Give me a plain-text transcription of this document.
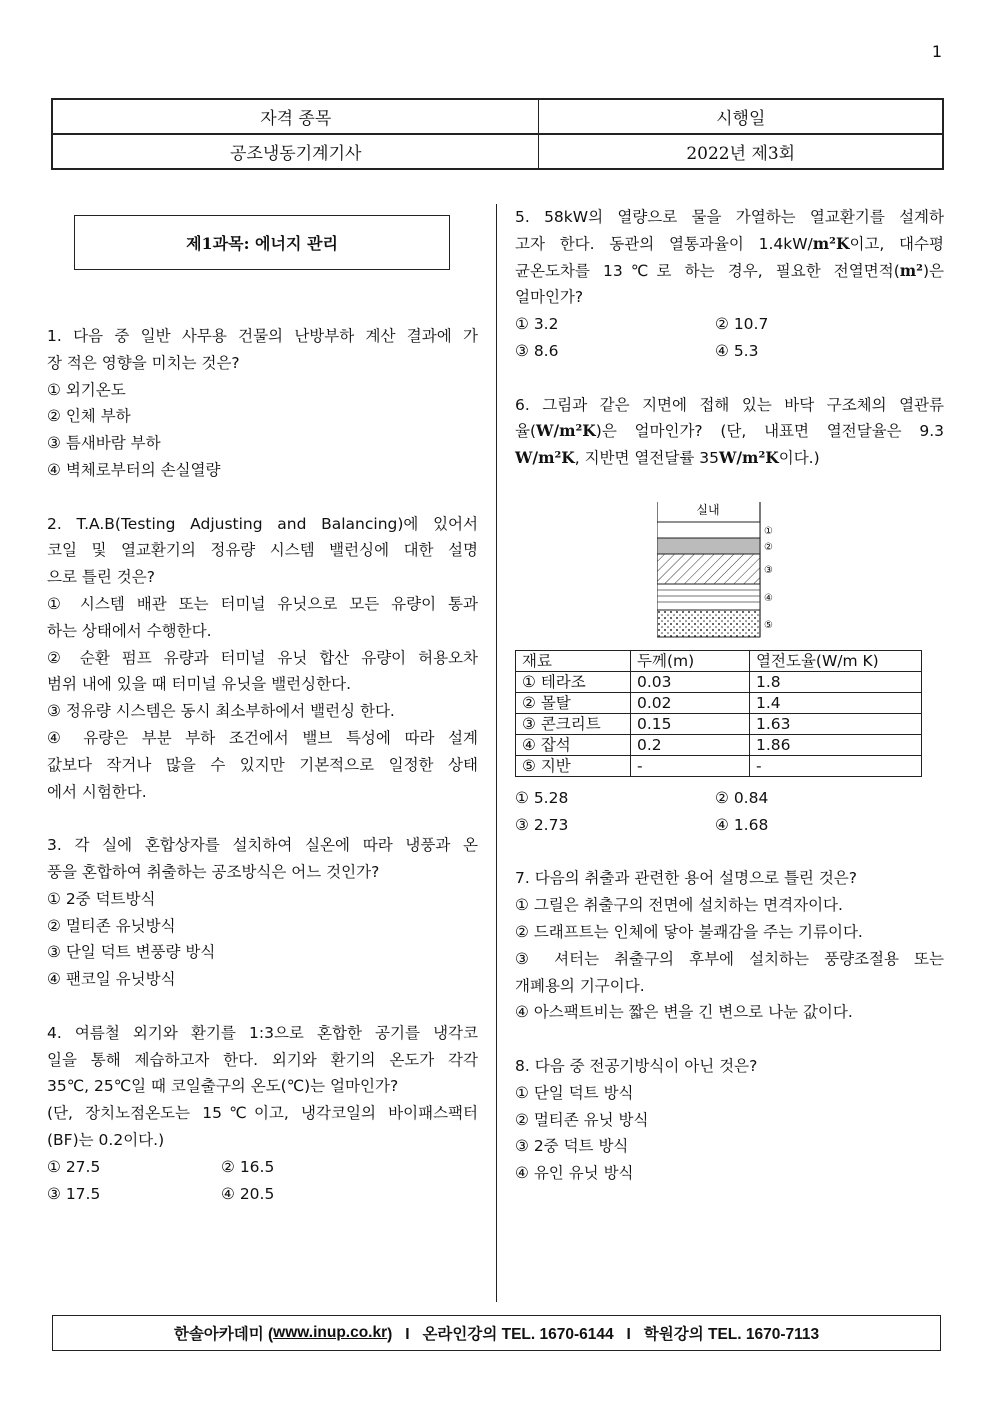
1
자격 종목	시행일
공조냉동기계기사	2022년 제3회
제1과목: 에너지 관리

1. 다음 중 일반 사무용 건물의 난방부하 계산 결과에 가

장 적은 영향을 미치는 것은?

① 외기온도

② 인체 부하

③ 틈새바람 부하

④ 벽체로부터의 손실열량

2. T.A.B(Testing Adjusting and Balancing)에 있어서

코일 및 열교환기의 정유량 시스템 밸런싱에 대한 설명

으로 틀린 것은?

① 시스템 배관 또는 터미널 유닛으로 모든 유량이 통과

하는 상태에서 수행한다.

② 순환 펌프 유량과 터미널 유닛 합산 유량이 허용오차

범위 내에 있을 때 터미널 유닛을 밸런싱한다.

③ 정유량 시스템은 동시 최소부하에서 밸런싱 한다.

④ 유량은 부분 부하 조건에서 밸브 특성에 따라 설계

값보다 작거나 많을 수 있지만 기본적으로 일정한 상태

에서 시험한다.

3. 각 실에 혼합상자를 설치하여 실온에 따라 냉풍과 온

풍을 혼합하여 취출하는 공조방식은 어느 것인가?

① 2중 덕트방식

② 멀티존 유닛방식

③ 단일 덕트 변풍량 방식

④ 팬코일 유닛방식

4. 여름철 외기와 환기를 1:3으로 혼합한 공기를 냉각코

일을 통해 제습하고자 한다. 외기와 환기의 온도가 각각

35℃, 25℃일 때 코일출구의 온도(℃)는 얼마인가?

(단, 장치노점온도는 15℃이고, 냉각코일의 바이패스팩터

(BF)는 0.2이다.)

① 27.5	② 16.5
③ 17.5	④ 20.5

5. 58kW의 열량으로 물을 가열하는 열교환기를 설계하

고자 한다. 동관의 열통과율이 1.4kW/m²K이고, 대수평

균온도차를 13℃로 하는 경우, 필요한 전열면적(m²)은

얼마인가?

① 3.2	② 10.7
③ 8.6	④ 5.3

6. 그림과 같은 지면에 접해 있는 바닥 구조체의 열관류

율(W/m²K)은 얼마인가? (단, 내표면 열전달율은 9.3

W/m²K, 지반면 열전달률 35W/m²K이다.)

실내
①
②
③
④
⑤
재료	두께(m)	열전도율(W/m K)
① 테라조	0.03	1.8
② 몰탈	0.02	1.4
③ 콘크리트	0.15	1.63
④ 잡석	0.2	1.86
⑤ 지반	-	-
① 5.28	② 0.84
③ 2.73	④ 1.68

7. 다음의 취출과 관련한 용어 설명으로 틀린 것은?

① 그릴은 취출구의 전면에 설치하는 면격자이다.

② 드래프트는 인체에 닿아 불쾌감을 주는 기류이다.

③ 셔터는 취출구의 후부에 설치하는 풍량조절용 또는

개폐용의 기구이다.

④ 아스팩트비는 짧은 변을 긴 변으로 나눈 값이다.

8. 다음 중 전공기방식이 아닌 것은?

① 단일 덕트 방식

② 멀티존 유닛 방식

③ 2중 덕트 방식

④ 유인 유닛 방식

한솔아카데미 ( www.inup.co.kr )   I   온라인강의 TEL. 1670-6144   I   학원강의 TEL. 1670-7113
